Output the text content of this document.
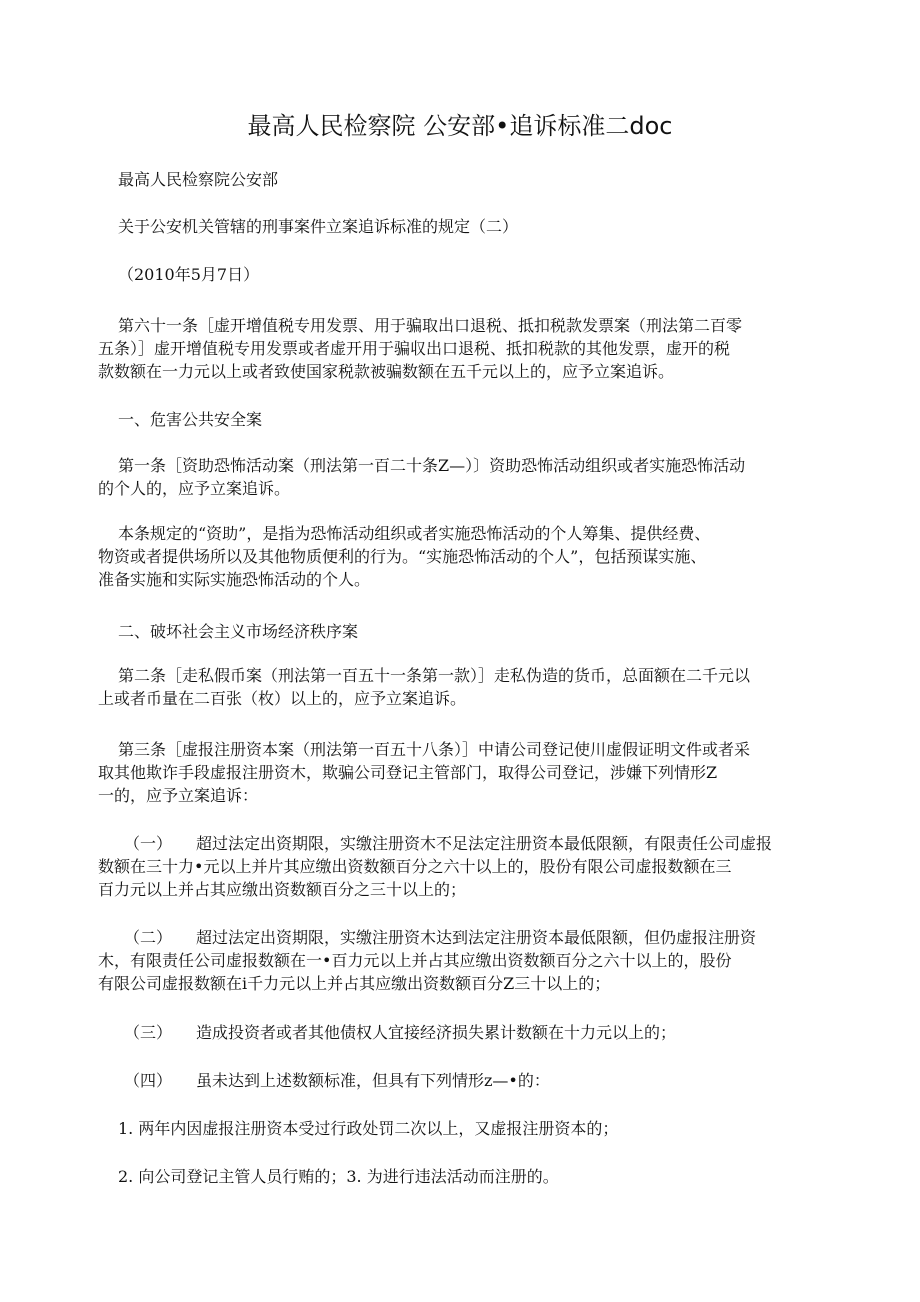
最高人民检察院 公安部•追诉标准二doc
最高人民检察院公安部
关于公安机关管辖的刑事案件立案追诉标准的规定（二）
（2010年5月7日）
第六十一条［虚开增值税专用发票、用于骗取出口退税、抵扣税款发票案（刑法第二百零
五条）］虚开增值税专用发票或者虚开用于骗収出口退税、抵扣税款的其他发票，虚开的税
款数额在一力元以上或者致使国家税款被骗数额在五千元以上的，应予立案追诉。
一、危害公共安全案
第一条［资助恐怖活动案（刑法第一百二十条Z—）〕资助恐怖活动组织或者实施恐怖活动
的个人的，应予立案追诉。
本条规定的“资助”，是指为恐怖活动组织或者实施恐怖活动的个人筹集、提供经费、
物资或者提供场所以及其他物质便利的行为。“实施恐怖活动的个人”，包括预谋实施、
准备实施和实际实施恐怖活动的个人。
二、破坏社会主义市场经济秩序案
第二条［走私假币案（刑法第一百五十一条第一款）］走私伪造的货币，总面额在二千元以
上或者币量在二百张（枚）以上的，应予立案追诉。
第三条［虚报注册资本案（刑法第一百五十八条）］中请公司登记使川虚假证明文件或者采
取其他欺诈手段虚报注册资木，欺骗公司登记主管部门，取得公司登记，涉嫌下列情形Z
一的，应予立案追诉：
（一） 超过法定出资期限，实缴注册资木不足法定注册资本最低限额，有限责任公司虚报
数额在三十力•元以上并片其应缴出资数额百分之六十以上的，股份有限公司虚报数额在三
百力元以上并占其应缴出资数额百分之三十以上的；
（二） 超过法定出资期限，实缴注册资木达到法定注册资本最低限额，但仍虚报注册资
木，有限责任公司虚报数额在一•百力元以上并占其应缴出资数额百分之六十以上的，股份
有限公司虚报数额在i千力元以上并占其应缴出资数额百分Z三十以上的；
（三） 造成投资者或者其他债权人宜接经济损失累计数额在十力元以上的；
（四） 虽未达到上述数额标准，但具有下列情形z—•的：
1. 两年内因虚报注册资本受过行政处罚二次以上，又虚报注册资本的；
2. 向公司登记主管人员行贿的；3. 为进行违法活动而注册的。
